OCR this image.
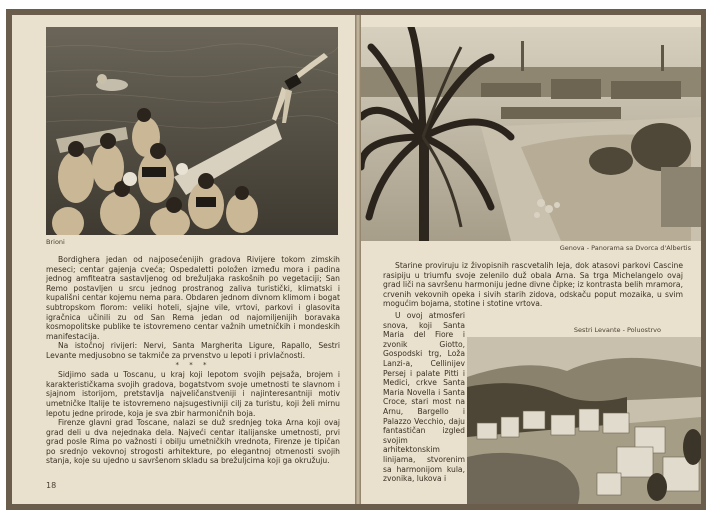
Brioni

Bordighera jedan od najposećenijih gradova Rivijere tokom zimskih meseci; centar gajenja cveća; Ospedaletti položen između mora i padina jednog amfiteatra sastavljenog od brežuljaka raskošnih po vegetaciji; San Remo postavljen u srcu jednog prostranog zaliva turistički, klimatski i kupališni centar kojemu nema para. Obdaren jednom divnom klimom i bogat subtropskom florom: veliki hoteli, sjajne vile, vrtovi, parkovi i glasovita igračnica učinili zu od San Rema jedan od najomiljenijih boravaka kosmopolitske publike te istovremeno centar važnih umetničkih i mondeskih manifestacija.

Na istočnoj rivijeri: Nervi, Santa Margherita Ligure, Rapallo, Sestri Levante medjusobno se takmiče za prvenstvo u lepoti i privlačnosti.

* * *

Sidjimo sada u Toscanu, u kraj koji lepotom svojih pejsaža, brojem i karakterističkama svojih gradova, bogatstvom svoje umetnosti te slavnom i sjajnom istorijom, pretstavlja najveličanstveniji i najinteresantniji motiv umetničke Italije te istovremeno najsugestivniji cilj za turistu, koji želi mirnu lepotu jedne prirode, koja je sva zbir harmoničnih boja.

Firenze glavni grad Toscane, nalazi se duž srednjeg toka Arna koji ovaj grad deli u dva nejednaka dela. Najveći centar italijanske umetnosti, prvi grad posle Rima po važnosti i obilju umetničkih vrednota, Firenze je tipičan po srednjo vekovnoj strogosti arhitekture, po elegantnoj otmenosti svojih stanja, koje su ujedno u savršenom skladu sa brežuljcima koji ga okružuju.

18
Genova - Panorama sa Dvorca d'Albertis

Starine proviruju iz živopisnih rascvetalih leja, dok atasovi parkovi Cascine rasipiju u triumfu svoje zelenilo duž obala Arna. Sa trga Michelangelo ovaj grad liči na savršenu harmoniju jedne divne čipke; iz kontrasta belih mramora, crvenih vekovnih opeka i sivih starih zidova, odskaču poput mozaika, u svim mogućim bojama, stotine i stotine vrtova.

U ovoj atmosferi snova, koji Santa Maria del Fiore i zvonik Giotto, Gospodski trg, Loža Lanzi-a, Cellinijev Persej i palate Pitti i Medici, crkve Santa Maria Novella i Santa Croce, stari most na Arnu, Bargello i Palazzo Vecchio, daju fantastičan izgled svojim arhitektonskim linijama, stvorenim sa harmonijom kula, zvonika, lukova i

Sestri Levante - Poluostrvo
